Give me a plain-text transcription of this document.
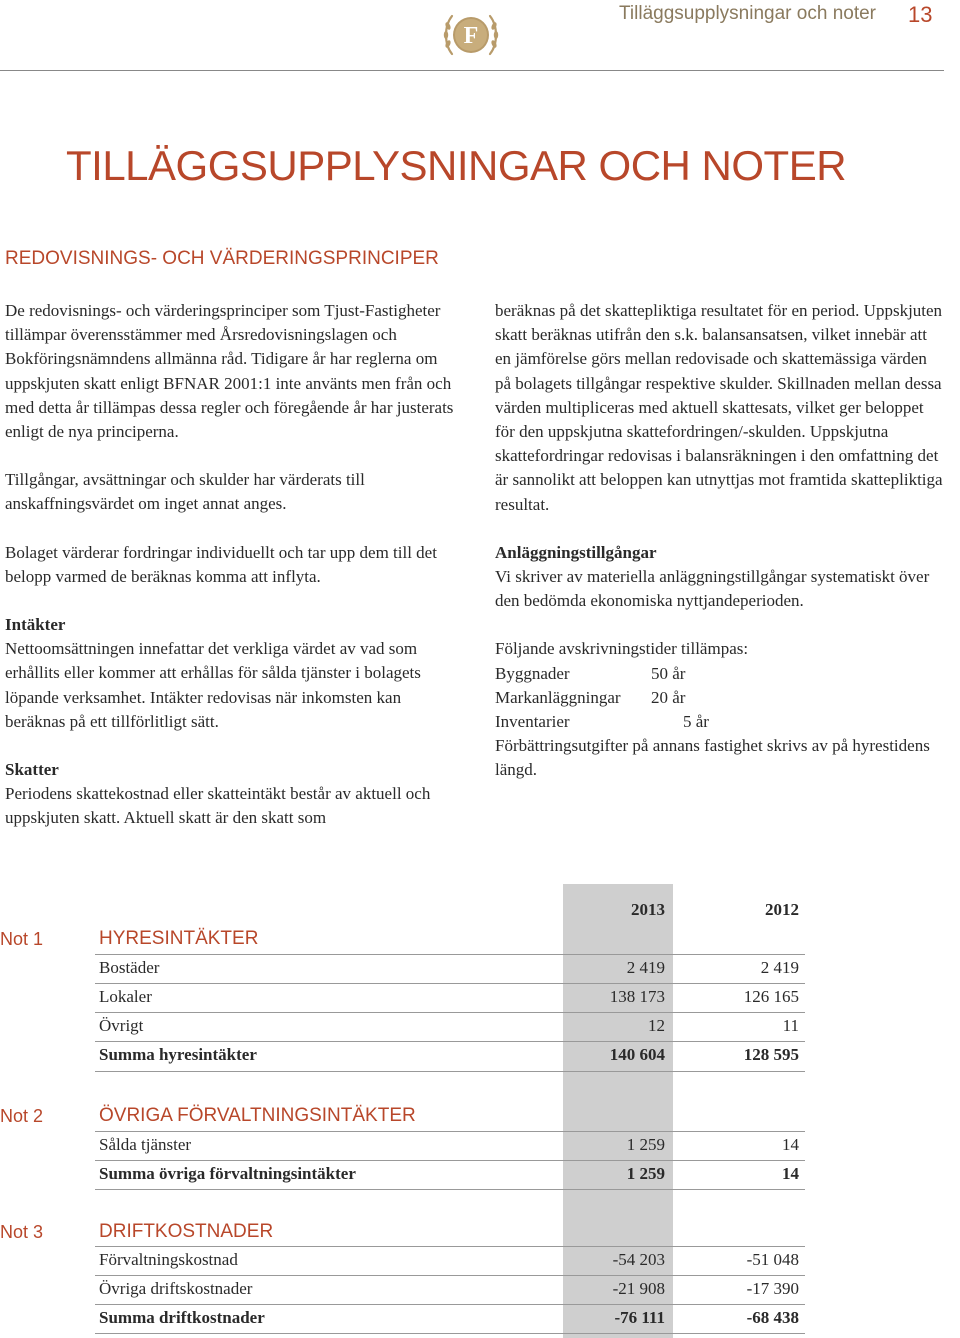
Tilläggsupplysningar och noter 13
F
TILLÄGGSUPPLYSNINGAR OCH NOTER
REDOVISNINGS- OCH VÄRDERINGSPRINCIPER

De redovisnings- och värderingsprinciper som Tjust-Fastigheter tillämpar överensstämmer med Årsredovisningslagen och Bokföringsnämndens allmänna råd. Tidigare år har reglerna om uppskjuten skatt enligt BFNAR 2001:1 inte använts men från och med detta år tillämpas dessa regler och föregående år har justerats enligt de nya principerna.

Tillgångar, avsättningar och skulder har värderats till anskaffningsvärdet om inget annat anges.

Bolaget värderar fordringar individuellt och tar upp dem till det belopp varmed de beräknas komma att inflyta.

Intäkter

Nettoomsättningen innefattar det verkliga värdet av vad som erhållits eller kommer att erhållas för sålda tjänster i bolagets löpande verksamhet. Intäkter redovisas när inkomsten kan beräknas på ett tillförlitligt sätt.

Skatter

Periodens skattekostnad eller skatteintäkt består av aktuell och uppskjuten skatt. Aktuell skatt är den skatt som

beräknas på det skattepliktiga resultatet för en period. Uppskjuten skatt beräknas utifrån den s.k. balansansatsen, vilket innebär att en jämförelse görs mellan redovisade och skattemässiga värden på bolagets tillgångar respektive skulder. Skillnaden mellan dessa värden multipliceras med aktuell skattesats, vilket ger beloppet för den uppskjutna skattefordringen/-skulden. Uppskjutna skattefordringar redovisas i balansräkningen i den omfattning det är sannolikt att beloppen kan utnyttjas mot framtida skattepliktiga resultat.

Anläggningstillgångar

Vi skriver av materiella anläggningstillgångar systematiskt över den bedömda ekonomiska nyttjandeperioden.

Följande avskrivningstider tillämpas:

Byggnader	50 år
Markanläggningar 20 år
Inventarier	5 år

Förbättringsutgifter på annans fastighet skrivs av på hyrestidens längd.

2013	2012
Not 1	HYRESINTÄKTER
Bostäder	2 419	2 419
Lokaler	138 173	126 165
Övrigt	12	11
Summa hyresintäkter	140 604	128 595
Not 2	ÖVRIGA FÖRVALTNINGSINTÄKTER
Sålda tjänster	1 259	14
Summa övriga förvaltningsintäkter	1 259	14
Not 3	DRIFTKOSTNADER
Förvaltningskostnad	-54 203	-51 048
Övriga driftskostnader	-21 908	-17 390
Summa driftkostnader	-76 111	-68 438
